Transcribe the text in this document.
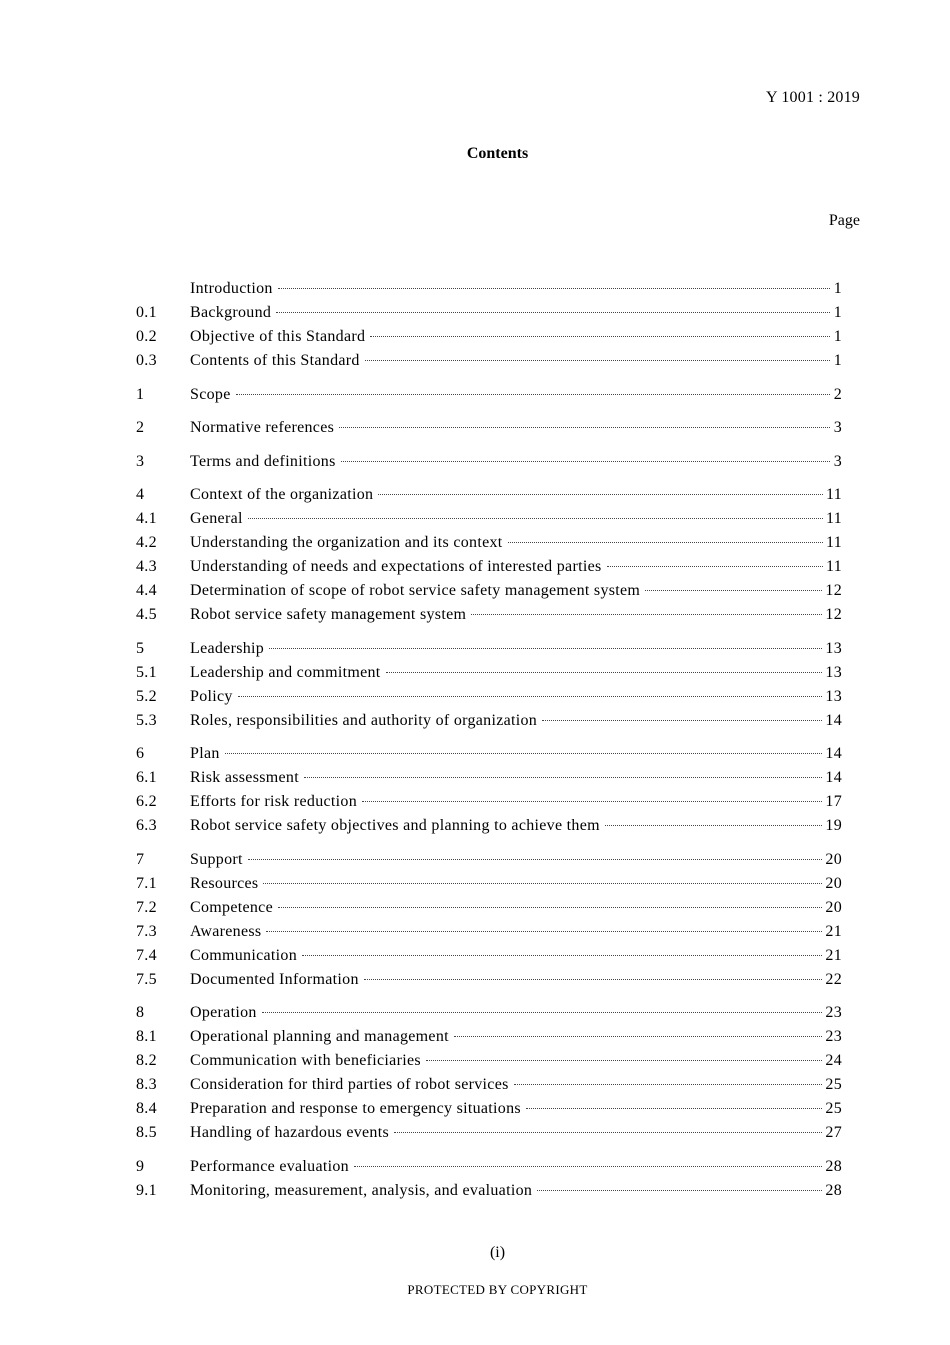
Y 1001 : 2019
Contents
Page
Introduction	1
0.1	Background	1
0.2	Objective of this Standard	1
0.3	Contents of this Standard	1
1	Scope	2
2	Normative references	3
3	Terms and definitions	3
4	Context of the organization	11
4.1	General	11
4.2	Understanding the organization and its context	11
4.3	Understanding of needs and expectations of interested parties	11
4.4	Determination of scope of robot service safety management system	12
4.5	Robot service safety management system	12
5	Leadership	13
5.1	Leadership and commitment	13
5.2	Policy	13
5.3	Roles, responsibilities and authority of organization	14
6	Plan	14
6.1	Risk assessment	14
6.2	Efforts for risk reduction	17
6.3	Robot service safety objectives and planning to achieve them	19
7	Support	20
7.1	Resources	20
7.2	Competence	20
7.3	Awareness	21
7.4	Communication	21
7.5	Documented Information	22
8	Operation	23
8.1	Operational planning and management	23
8.2	Communication with beneficiaries	24
8.3	Consideration for third parties of robot services	25
8.4	Preparation and response to emergency situations	25
8.5	Handling of hazardous events	27
9	Performance evaluation	28
9.1	Monitoring, measurement, analysis, and evaluation	28
(i)
PROTECTED BY COPYRIGHT
